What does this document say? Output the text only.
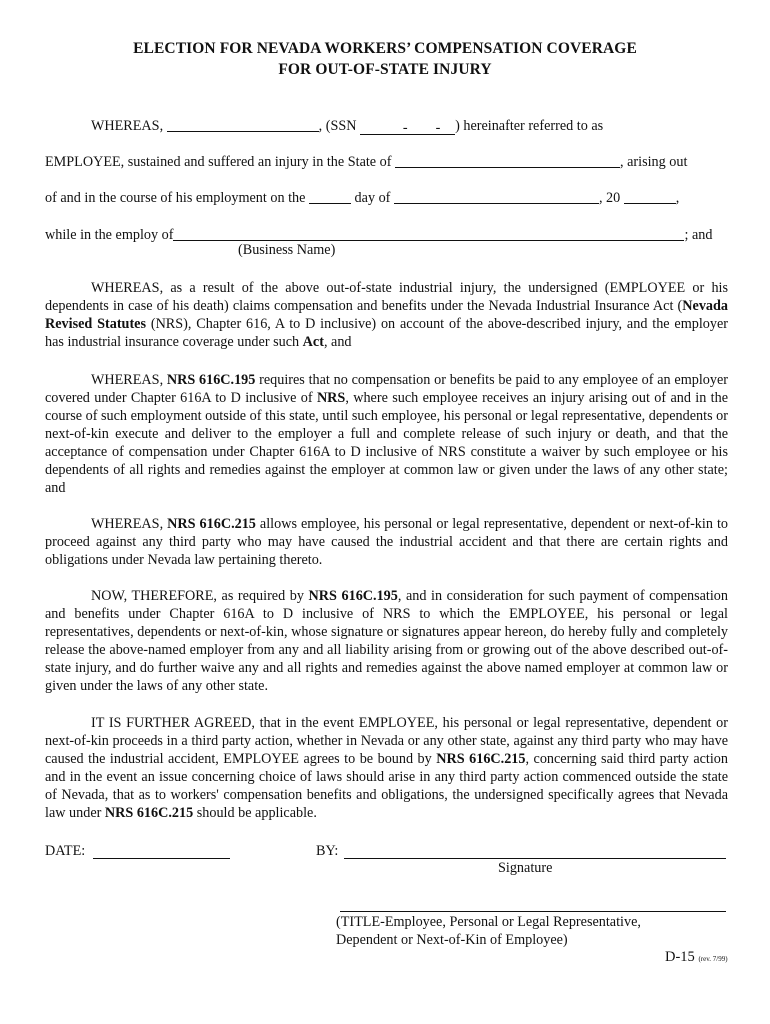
ELECTION FOR NEVADA WORKERS’ COMPENSATION COVERAGE
FOR OUT-OF-STATE INJURY
WHEREAS,	, (SSN	- - ) hereinafter referred to as
EMPLOYEE, sustained and suffered an injury in the State of	, arising out
of and in the course of his employment on the	day of	, 20	,
while in the employ of	; and
(Business Name)
WHEREAS, as a result of the above out-of-state industrial injury, the undersigned (EMPLOYEE or his dependents in case of his death) claims compensation and benefits under the Nevada Industrial Insurance Act (Nevada Revised Statutes (NRS), Chapter 616, A to D inclusive) on account of the above-described injury, and the employer has industrial insurance coverage under such Act, and
WHEREAS, NRS 616C.195 requires that no compensation or benefits be paid to any employee of an employer covered under Chapter 616A to D inclusive of NRS, where such employee receives an injury arising out of and in the course of such employment outside of this state, until such employee, his personal or legal representative, dependents or next-of-kin execute and deliver to the employer a full and complete release of such injury or death, and that the acceptance of compensation under Chapter 616A to D inclusive of NRS constitute a waiver by such employee or his dependents of all rights and remedies against the employer at common law or given under the laws of any other state; and
WHEREAS, NRS 616C.215 allows employee, his personal or legal representative, dependent or next-of-kin to proceed against any third party who may have caused the industrial accident and that there are certain rights and obligations under Nevada law pertaining thereto.
NOW, THEREFORE, as required by NRS 616C.195, and in consideration for such payment of compensation and benefits under Chapter 616A to D inclusive of NRS to which the EMPLOYEE, his personal or legal representatives, dependents or next-of-kin, whose signature or signatures appear hereon, do hereby fully and completely release the above-named employer from any and all liability arising from or growing out of the above described out-of-state injury, and do further waive any and all rights and remedies against the above named employer at common law or given under the laws of any other state.
IT IS FURTHER AGREED, that in the event EMPLOYEE, his personal or legal representative, dependent or next-of-kin proceeds in a third party action, whether in Nevada or any other state, against any third party who may have caused the industrial accident, EMPLOYEE agrees to be bound by NRS 616C.215, concerning said third party action and in the event an issue concerning choice of laws should arise in any third party action commenced outside the state of Nevada, that as to workers' compensation benefits and obligations, the undersigned specifically agrees that Nevada law under NRS 616C.215 should be applicable.
DATE:	BY:
Signature
(TITLE-Employee, Personal or Legal Representative,
Dependent or Next-of-Kin of Employee)
D-15 (rev. 7/99)
